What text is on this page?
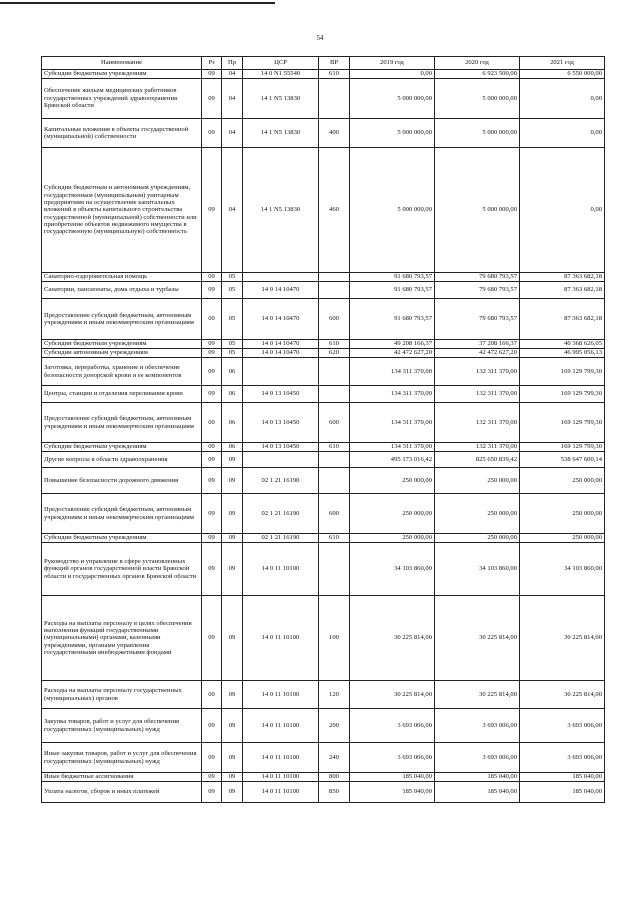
54
Наименование	Рз	Пр	ЦСР	ВР	2019 год	2020 год	2021 год
Субсидии бюджетным учреждениям	09	04	14 0 N1 55540	610	0,00	6 923 500,00	6 550 000,00
Обеспечение жильем медицинских работников государственных учреждений здравоохранения Брянской области	09	04	14 1 N5 13830		5 000 000,00	5 000 000,00	0,00
Капитальные вложения в объекты государственной (муниципальной) собственности	09	04	14 1 N5 13830	400	5 000 000,00	5 000 000,00	0,00
Субсидии бюджетным и автономным учреждениям, государственным (муниципальным) унитарным предприятиям на осуществление капитальных вложений в объекты капитального строительства государственной (муниципальной) собственности или приобретение объектов недвижимого имущества в государственную (муниципальную) собственность	09	04	14 1 N5 13830	460	5 000 000,00	5 000 000,00	0,00
Санаторно-оздоровительная помощь	09	05			91 680 793,57	79 680 793,57	87 363 682,18
Санатории, пансионаты, дома отдыха и турбазы	09	05	14 0 14 10470		91 680 793,57	79 680 793,57	87 363 682,18
Предоставление субсидий бюджетным, автономным учреждениям и иным некоммерческим организациям	09	05	14 0 14 10470	600	91 680 793,57	79 680 793,57	87 363 682,18
Субсидии бюджетным учреждениям	09	05	14 0 14 10470	610	49 208 166,37	37 208 166,37	40 368 626,05
Субсидии автономным учреждениям	09	05	14 0 14 10470	620	42 472 627,20	42 472 627,20	46 995 056,13
Заготовка, переработка, хранение и обеспечение безопасности донорской крови и ее компонентов	09	06			134 311 370,00	132 311 370,00	169 129 799,30
Центры, станции и отделения переливания крови	09	06	14 0 13 10450		134 311 370,00	132 311 370,00	169 129 799,30
Предоставление субсидий бюджетным, автономным учреждениям и иным некоммерческим организациям	09	06	14 0 13 10450	600	134 311 370,00	132 311 370,00	169 129 799,30
Субсидии бюджетным учреждениям	09	06	14 0 13 10450	610	134 311 370,00	132 311 370,00	169 129 799,30
Другие вопросы в области здравоохранения	09	09			495 173 016,42	825 650 839,42	538 647 600,14
Повышение безопасности дорожного движения	09	09	02 1 21 16190		250 000,00	250 000,00	250 000,00
Предоставление субсидий бюджетным, автономным учреждениям и иным некоммерческим организациям	09	09	02 1 21 16190	600	250 000,00	250 000,00	250 000,00
Субсидии бюджетным учреждениям	09	09	02 1 21 16190	610	250 000,00	250 000,00	250 000,00
Руководство и управление в сфере установленных функций органов государственной власти Брянской области и государственных органов Брянской области	09	09	14 0 11 10100		34 103 860,00	34 103 860,00	34 103 860,00
Расходы на выплаты персоналу в целях обеспечения выполнения функций государственными (муниципальными) органами, казенными учреждениями, органами управления государственными внебюджетными фондами	09	09	14 0 11 10100	100	30 225 814,00	30 225 814,00	30 225 814,00
Расходы на выплаты персоналу государственных (муниципальных) органов	09	09	14 0 11 10100	120	30 225 814,00	30 225 814,00	30 225 814,00
Закупка товаров, работ и услуг для обеспечения государственных (муниципальных) нужд	09	09	14 0 11 10100	200	3 693 006,00	3 693 006,00	3 693 006,00
Иные закупки товаров, работ и услуг для обеспечения государственных (муниципальных) нужд	09	09	14 0 11 10100	240	3 693 006,00	3 693 006,00	3 693 006,00
Иные бюджетные ассигнования	09	09	14 0 11 10100	800	185 040,00	185 040,00	185 040,00
Уплата налогов, сборов и иных платежей	09	09	14 0 11 10100	850	185 040,00	185 040,00	185 040,00
